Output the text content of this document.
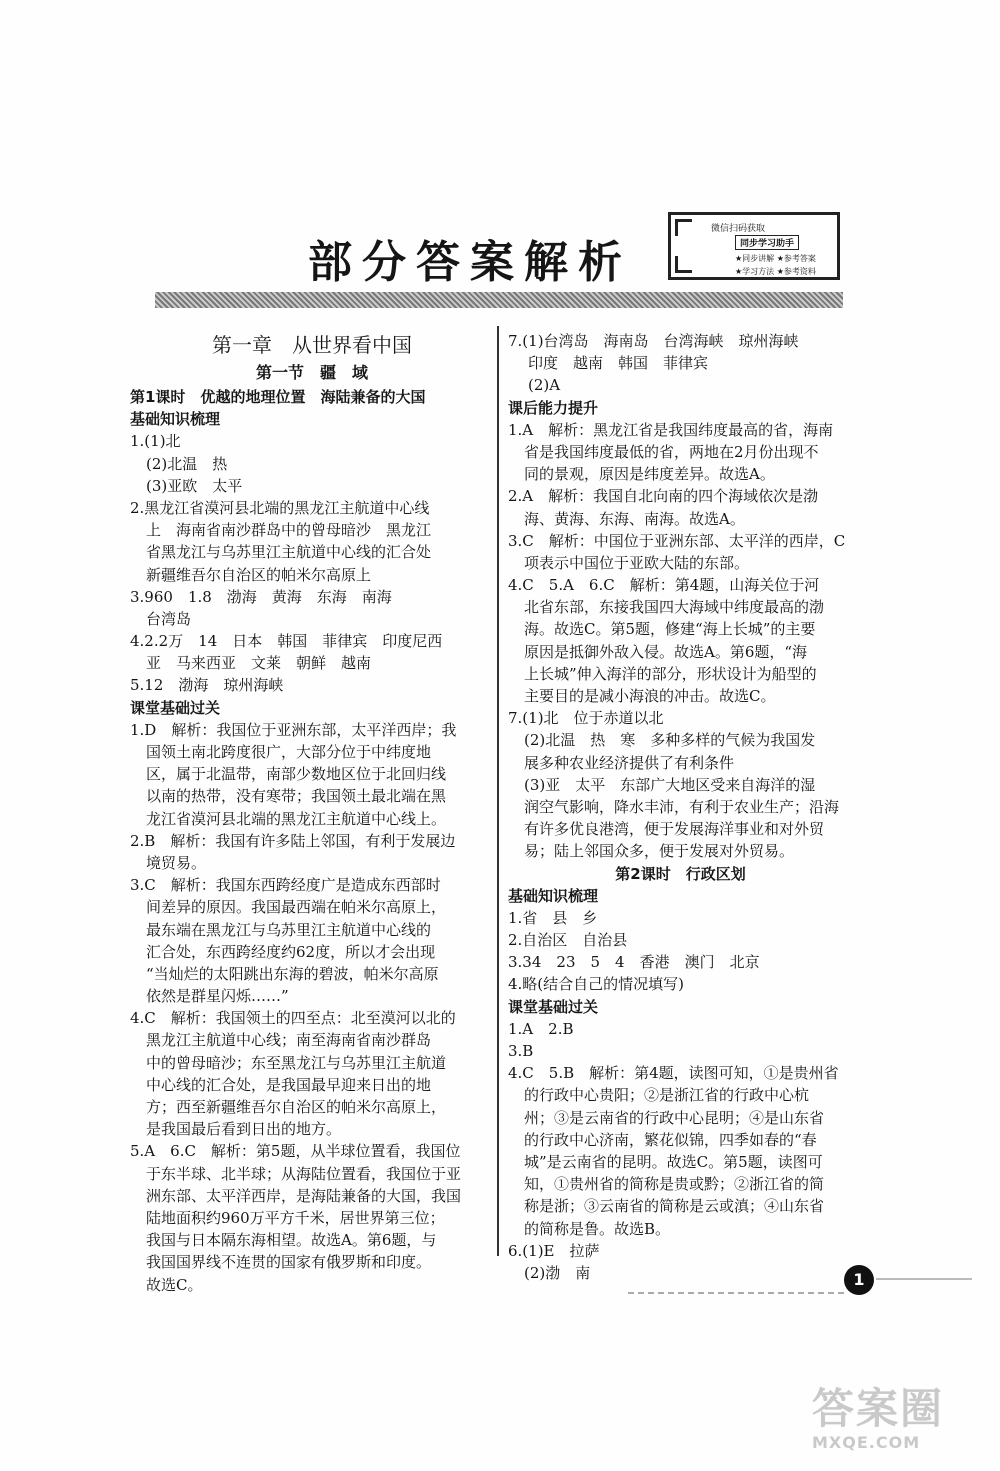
部分答案解析
微信扫码获取
同步学习助手
★同步讲解 ★参考答案
★学习方法 ★参考资料
第一章　从世界看中国
第一节　疆　域
第1课时　优越的地理位置　海陆兼备的大国
基础知识梳理
1.(1)北
(2)北温　热
(3)亚欧　太平
2.黑龙江省漠河县北端的黑龙江主航道中心线
上　海南省南沙群岛中的曾母暗沙　黑龙江
省黑龙江与乌苏里江主航道中心线的汇合处
新疆维吾尔自治区的帕米尔高原上
3.960　1.8　渤海　黄海　东海　南海
台湾岛
4.2.2万　14　日本　韩国　菲律宾　印度尼西
亚　马来西亚　文莱　朝鲜　越南
5.12　渤海　琼州海峡
课堂基础过关
1.D　解析：我国位于亚洲东部，太平洋西岸；我
国领土南北跨度很广，大部分位于中纬度地
区，属于北温带，南部少数地区位于北回归线
以南的热带，没有寒带；我国领土最北端在黑
龙江省漠河县北端的黑龙江主航道中心线上。
2.B　解析：我国有许多陆上邻国，有利于发展边
境贸易。
3.C　解析：我国东西跨经度广是造成东西部时
间差异的原因。我国最西端在帕米尔高原上，
最东端在黑龙江与乌苏里江主航道中心线的
汇合处，东西跨经度约62度，所以才会出现
“当灿烂的太阳跳出东海的碧波，帕米尔高原
依然是群星闪烁……”
4.C　解析：我国领土的四至点：北至漠河以北的
黑龙江主航道中心线；南至海南省南沙群岛
中的曾母暗沙；东至黑龙江与乌苏里江主航道
中心线的汇合处，是我国最早迎来日出的地
方；西至新疆维吾尔自治区的帕米尔高原上，
是我国最后看到日出的地方。
5.A　6.C　解析：第5题，从半球位置看，我国位
于东半球、北半球；从海陆位置看，我国位于亚
洲东部、太平洋西岸，是海陆兼备的大国，我国
陆地面积约960万平方千米，居世界第三位；
我国与日本隔东海相望。故选A。第6题，与
我国国界线不连贯的国家有俄罗斯和印度。
故选C。
7.(1)台湾岛　海南岛　台湾海峡　琼州海峡
印度　越南　韩国　菲律宾
(2)A
课后能力提升
1.A　解析：黑龙江省是我国纬度最高的省，海南
省是我国纬度最低的省，两地在2月份出现不
同的景观，原因是纬度差异。故选A。
2.A　解析：我国自北向南的四个海域依次是渤
海、黄海、东海、南海。故选A。
3.C　解析：中国位于亚洲东部、太平洋的西岸，C
项表示中国位于亚欧大陆的东部。
4.C　5.A　6.C　解析：第4题，山海关位于河
北省东部，东接我国四大海域中纬度最高的渤
海。故选C。第5题，修建“海上长城”的主要
原因是抵御外敌入侵。故选A。第6题，“海
上长城”伸入海洋的部分，形状设计为船型的
主要目的是减小海浪的冲击。故选C。
7.(1)北　位于赤道以北
(2)北温　热　寒　多种多样的气候为我国发
展多种农业经济提供了有利条件
(3)亚　太平　东部广大地区受来自海洋的湿
润空气影响，降水丰沛，有利于农业生产；沿海
有许多优良港湾，便于发展海洋事业和对外贸
易；陆上邻国众多，便于发展对外贸易。
第2课时　行政区划
基础知识梳理
1.省　县　乡
2.自治区　自治县
3.34　23　5　4　香港　澳门　北京
4.略(结合自己的情况填写)
课堂基础过关
1.A　2.B
3.B
4.C　5.B　解析：第4题，读图可知，①是贵州省
的行政中心贵阳；②是浙江省的行政中心杭
州；③是云南省的行政中心昆明；④是山东省
的行政中心济南，繁花似锦，四季如春的“春
城”是云南省的昆明。故选C。第5题，读图可
知，①贵州省的简称是贵或黔；②浙江省的简
称是浙；③云南省的简称是云或滇；④山东省
的简称是鲁。故选B。
6.(1)E　拉萨
(2)渤　南	1
答案圈
MXQE.COM
